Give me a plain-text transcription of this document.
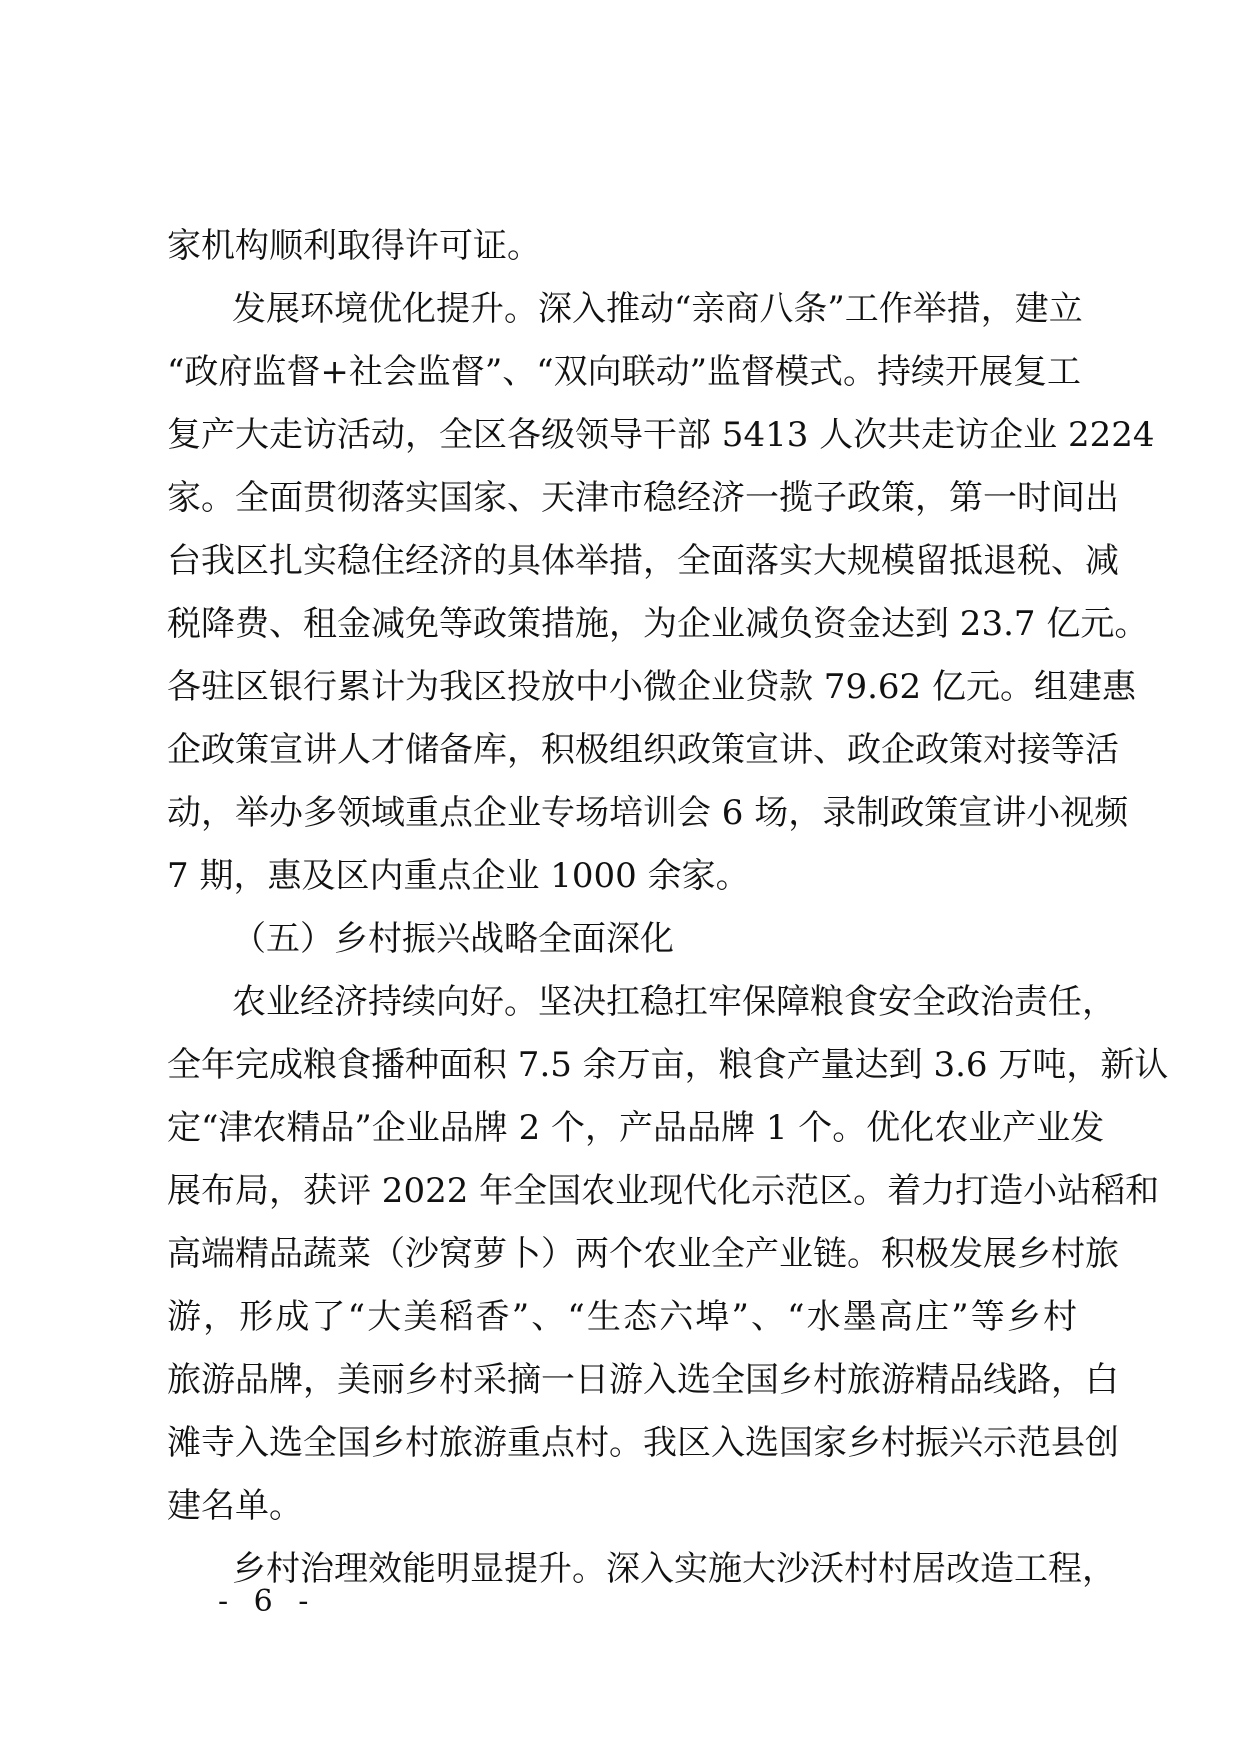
家机构顺利取得许可证。
发展环境优化提升。深入推动“亲商八条”工作举措，建立
“政府监督+社会监督”、“双向联动”监督模式。持续开展复工
复产大走访活动，全区各级领导干部 5413 人次共走访企业 2224
家。全面贯彻落实国家、天津市稳经济一揽子政策，第一时间出
台我区扎实稳住经济的具体举措，全面落实大规模留抵退税、减
税降费、租金减免等政策措施，为企业减负资金达到 23.7 亿元。
各驻区银行累计为我区投放中小微企业贷款 79.62 亿元。组建惠
企政策宣讲人才储备库，积极组织政策宣讲、政企政策对接等活
动，举办多领域重点企业专场培训会 6 场，录制政策宣讲小视频
7 期，惠及区内重点企业 1000 余家。
（五）乡村振兴战略全面深化
农业经济持续向好。坚决扛稳扛牢保障粮食安全政治责任，
全年完成粮食播种面积 7.5 余万亩，粮食产量达到 3.6 万吨，新认
定“津农精品”企业品牌 2 个，产品品牌 1 个。优化农业产业发
展布局，获评 2022 年全国农业现代化示范区。着力打造小站稻和
高端精品蔬菜（沙窝萝卜）两个农业全产业链。积极发展乡村旅
游，形成了“大美稻香”、“生态六埠”、“水墨高庄”等乡村
旅游品牌，美丽乡村采摘一日游入选全国乡村旅游精品线路，白
滩寺入选全国乡村旅游重点村。我区入选国家乡村振兴示范县创
建名单。
乡村治理效能明显提升。深入实施大沙沃村村居改造工程，
- 6 -
